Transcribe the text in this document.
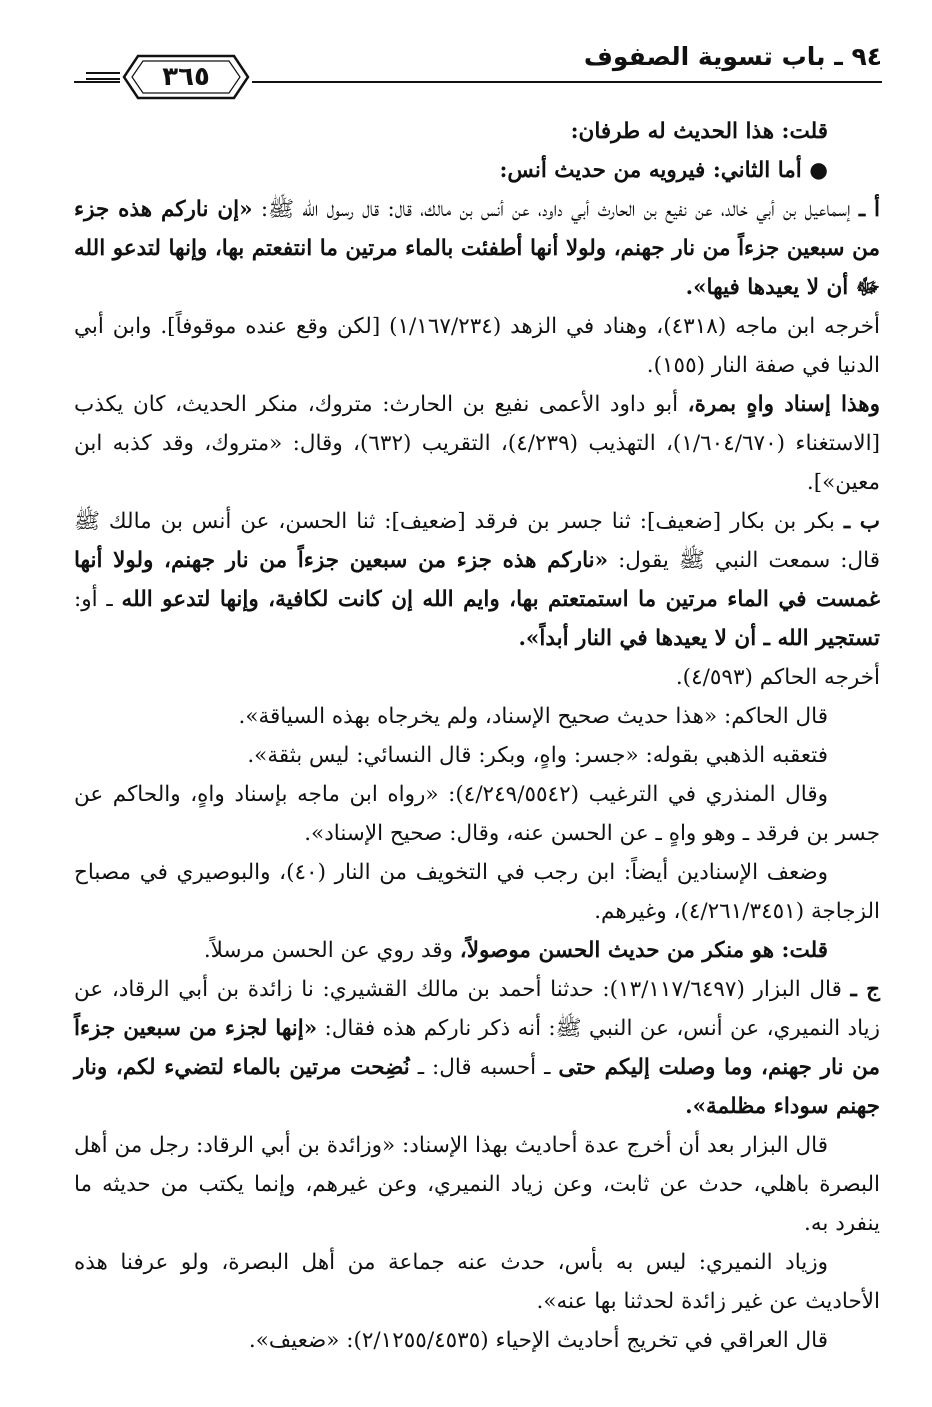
٩٤ ـ باب تسوية الصفوف
٣٦٥

قلت: هذا الحديث له طرفان:

● أما الثاني: فيرويه من حديث أنس:

أ ـ إسماعيل بن أبي خالد، عن نفيع بن الحارث أبي داود، عن أنس بن مالك، قال: قال رسول الله ﷺ: «إن ناركم هذه جزء من سبعين جزءاً من نار جهنم، ولولا أنها أطفئت بالماء مرتين ما انتفعتم بها، وإنها لتدعو الله ﷻ أن لا يعيدها فيها».

أخرجه ابن ماجه (٤٣١٨)، وهناد في الزهد (١/١٦٧/٢٣٤) [لكن وقع عنده موقوفاً]. وابن أبي الدنيا في صفة النار (١٥٥).

وهذا إسناد واهٍ بمرة، أبو داود الأعمى نفيع بن الحارث: متروك، منكر الحديث، كان يكذب [الاستغناء (١/٦٠٤/٦٧٠)، التهذيب (٤/٢٣٩)، التقريب (٦٣٢)، وقال: «متروك، وقد كذبه ابن معين»].

ب ـ بكر بن بكار [ضعيف]: ثنا جسر بن فرقد [ضعيف]: ثنا الحسن، عن أنس بن مالك ﷺ قال: سمعت النبي ﷺ يقول: «ناركم هذه جزء من سبعين جزءاً من نار جهنم، ولولا أنها غمست في الماء مرتين ما استمتعتم بها، وايم الله إن كانت لكافية، وإنها لتدعو الله ـ أو: تستجير الله ـ أن لا يعيدها في النار أبداً».

أخرجه الحاكم (٤/٥٩٣).

قال الحاكم: «هذا حديث صحيح الإسناد، ولم يخرجاه بهذه السياقة».

فتعقبه الذهبي بقوله: «جسر: واهٍ، وبكر: قال النسائي: ليس بثقة».

وقال المنذري في الترغيب (٤/٢٤٩/٥٥٤٢): «رواه ابن ماجه بإسناد واهٍ، والحاكم عن جسر بن فرقد ـ وهو واهٍ ـ عن الحسن عنه، وقال: صحيح الإسناد».

وضعف الإسنادين أيضاً: ابن رجب في التخويف من النار (٤٠)، والبوصيري في مصباح الزجاجة (٤/٢٦١/٣٤٥١)، وغيرهم.

قلت: هو منكر من حديث الحسن موصولاً، وقد روي عن الحسن مرسلاً.

ج ـ قال البزار (١٣/١١٧/٦٤٩٧): حدثنا أحمد بن مالك القشيري: نا زائدة بن أبي الرقاد، عن زياد النميري، عن أنس، عن النبي ﷺ: أنه ذكر ناركم هذه فقال: «إنها لجزء من سبعين جزءاً من نار جهنم، وما وصلت إليكم حتى ـ أحسبه قال: ـ نُضِحت مرتين بالماء لتضيء لكم، ونار جهنم سوداء مظلمة».

قال البزار بعد أن أخرج عدة أحاديث بهذا الإسناد: «وزائدة بن أبي الرقاد: رجل من أهل البصرة باهلي، حدث عن ثابت، وعن زياد النميري، وعن غيرهم، وإنما يكتب من حديثه ما ينفرد به.

وزياد النميري: ليس به بأس، حدث عنه جماعة من أهل البصرة، ولو عرفنا هذه الأحاديث عن غير زائدة لحدثنا بها عنه».

قال العراقي في تخريج أحاديث الإحياء (٢/١٢٥٥/٤٥٣٥): «ضعيف».
